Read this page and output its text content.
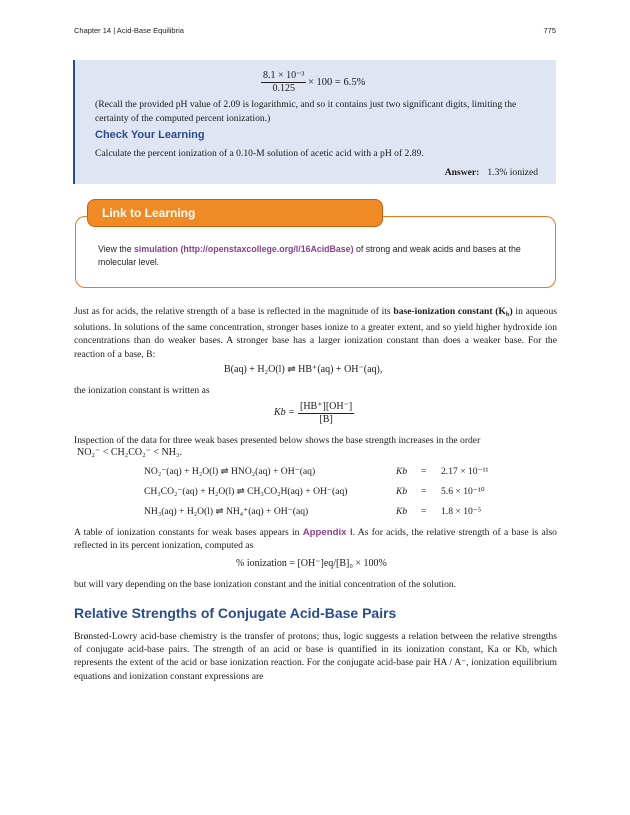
Chapter 14 | Acid-Base Equilibria	775
$\frac{\text{8.1 × 10⁻³}}{0.125} \times 100 = 6.5\%$
(Recall the provided pH value of 2.09 is logarithmic, and so it contains just two significant digits, limiting the certainty of the computed percent ionization.)
Check Your Learning
Calculate the percent ionization of a 0.10-M solution of acetic acid with a pH of 2.89.
Answer: 1.3% ionized
Link to Learning
View the simulation (http://openstaxcollege.org/l/16AcidBase) of strong and weak acids and bases at the molecular level.
Just as for acids, the relative strength of a base is reflected in the magnitude of its base-ionization constant $(K_b)$ in aqueous solutions. In solutions of the same concentration, stronger bases ionize to a greater extent, and so yield higher hydroxide ion concentrations than do weaker bases. A stronger base has a larger ionization constant than does a weaker base. For the reaction of a base, B:
B(aq) + H₂O(l) ⇌ HB⁺(aq) + OH⁻(aq),
the ionization constant is written as
$Kb = \frac{[HB^+][OH^-]}{[B]}$
Inspection of the data for three weak bases presented below shows the base strength increases in the order
NO₂⁻ < CH₂CO₂⁻ < NH₃.
NO₂⁻(aq) + H₂O(l) ⇌ HNO₂(aq) + OH⁻(aq)	Kb = 2.17 × 10⁻¹¹
CH₃CO₂⁻(aq) + H₂O(l) ⇌ CH₃CO₂H(aq) + OH⁻(aq)	Kb = 5.6 × 10⁻¹⁰
NH₃(aq) + H₂O(l) ⇌ NH₄⁺(aq) + OH⁻(aq)	Kb = 1.8 × 10⁻⁵
A table of ionization constants for weak bases appears in Appendix I. As for acids, the relative strength of a base is also reflected in its percent ionization, computed as
% ionization = [OH⁻]eq/[B]₀ × 100%
but will vary depending on the base ionization constant and the initial concentration of the solution.
Relative Strengths of Conjugate Acid-Base Pairs
Brønsted-Lowry acid-base chemistry is the transfer of protons; thus, logic suggests a relation between the relative strengths of conjugate acid-base pairs. The strength of an acid or base is quantified in its ionization constant, Ka or Kb, which represents the extent of the acid or base ionization reaction. For the conjugate acid-base pair HA / A⁻, ionization equilibrium equations and ionization constant expressions are
